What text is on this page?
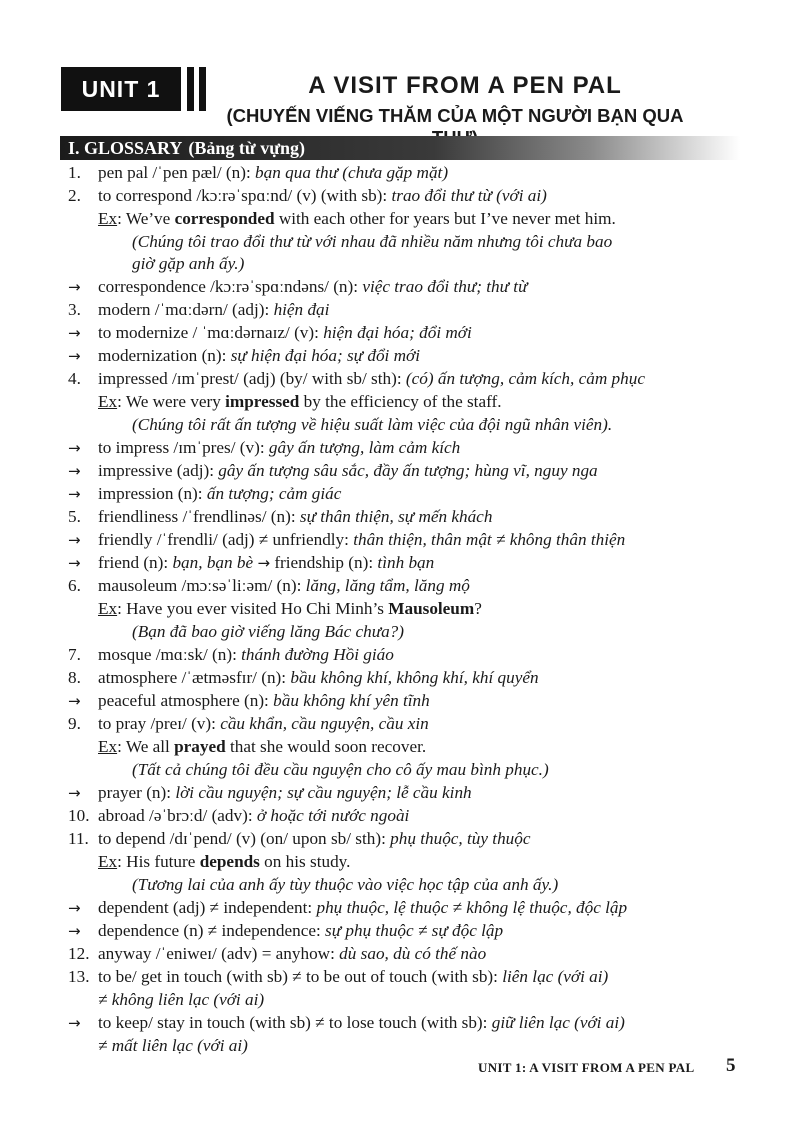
UNIT 1	A VISIT FROM A PEN PAL
(CHUYẾN VIẾNG THĂM CỦA MỘT NGƯỜI BẠN QUA
I. GLOSSARY (Bảng từ vựng)
1. pen pal /ˈpen pæl/ (n): bạn qua thư (chưa gặp mặt)
2. to correspond /kɔːrəˈspɑːnd/ (v) (with sb): trao đổi thư từ (với ai)
Ex: We’ve corresponded with each other for years but I’ve never met him.
(Chúng tôi trao đổi thư từ với nhau đã nhiều năm nhưng tôi chưa bao
giờ gặp anh ấy.)
→	correspondence /kɔːrəˈspɑːndəns/ (n): việc trao đổi thư; thư từ
3. modern /ˈmɑːdərn/ (adj): hiện đại
→	to modernize / ˈmɑːdərnaɪz/ (v): hiện đại hóa; đổi mới
→	modernization (n): sự hiện đại hóa; sự đổi mới
4. impressed /ɪmˈprest/ (adj) (by/ with sb/ sth): (có) ấn tượng, cảm kích, cảm phục
Ex: We were very impressed by the efficiency of the staff.
(Chúng tôi rất ấn tượng về hiệu suất làm việc của đội ngũ nhân viên).
→	to impress /ɪmˈpres/ (v): gây ấn tượng, làm cảm kích
→	impressive (adj): gây ấn tượng sâu sắc, đầy ấn tượng; hùng vĩ, nguy nga
→	impression (n): ấn tượng; cảm giác
5. friendliness /ˈfrendlinəs/ (n): sự thân thiện, sự mến khách
→	friendly /ˈfrendli/ (adj) ≠ unfriendly: thân thiện, thân mật ≠ không thân thiện
→	friend (n): bạn, bạn bè → friendship (n): tình bạn
6. mausoleum /mɔːsəˈliːəm/ (n): lăng, lăng tẩm, lăng mộ
Ex: Have you ever visited Ho Chi Minh’s Mausoleum?
(Bạn đã bao giờ viếng lăng Bác chưa?)
7. mosque /mɑːsk/ (n): thánh đường Hồi giáo
8. atmosphere /ˈætməsfɪr/ (n): bầu không khí, không khí, khí quyển
→	peaceful atmosphere (n): bầu không khí yên tĩnh
9. to pray /preɪ/ (v): cầu khẩn, cầu nguyện, cầu xin
Ex: We all prayed that she would soon recover.
(Tất cả chúng tôi đều cầu nguyện cho cô ấy mau bình phục.)
→	prayer (n): lời cầu nguyện; sự cầu nguyện; lễ cầu kinh
10. abroad /əˈbrɔːd/ (adv): ở hoặc tới nước ngoài
11. to depend /dɪˈpend/ (v) (on/ upon sb/ sth): phụ thuộc, tùy thuộc
Ex: His future depends on his study.
(Tương lai của anh ấy tùy thuộc vào việc học tập của anh ấy.)
→	dependent (adj) ≠ independent: phụ thuộc, lệ thuộc ≠ không lệ thuộc, độc lập
→	dependence (n) ≠ independence: sự phụ thuộc ≠ sự độc lập
12. anyway /ˈeniweɪ/ (adv) = anyhow: dù sao, dù có thế nào
13. to be/ get in touch (with sb) ≠ to be out of touch (with sb): liên lạc (với ai)
≠ không liên lạc (với ai)
→	to keep/ stay in touch (with sb) ≠ to lose touch (with sb): giữ liên lạc (với ai)
≠ mất liên lạc (với ai)
UNIT 1: A VISIT FROM A PEN PAL 5
